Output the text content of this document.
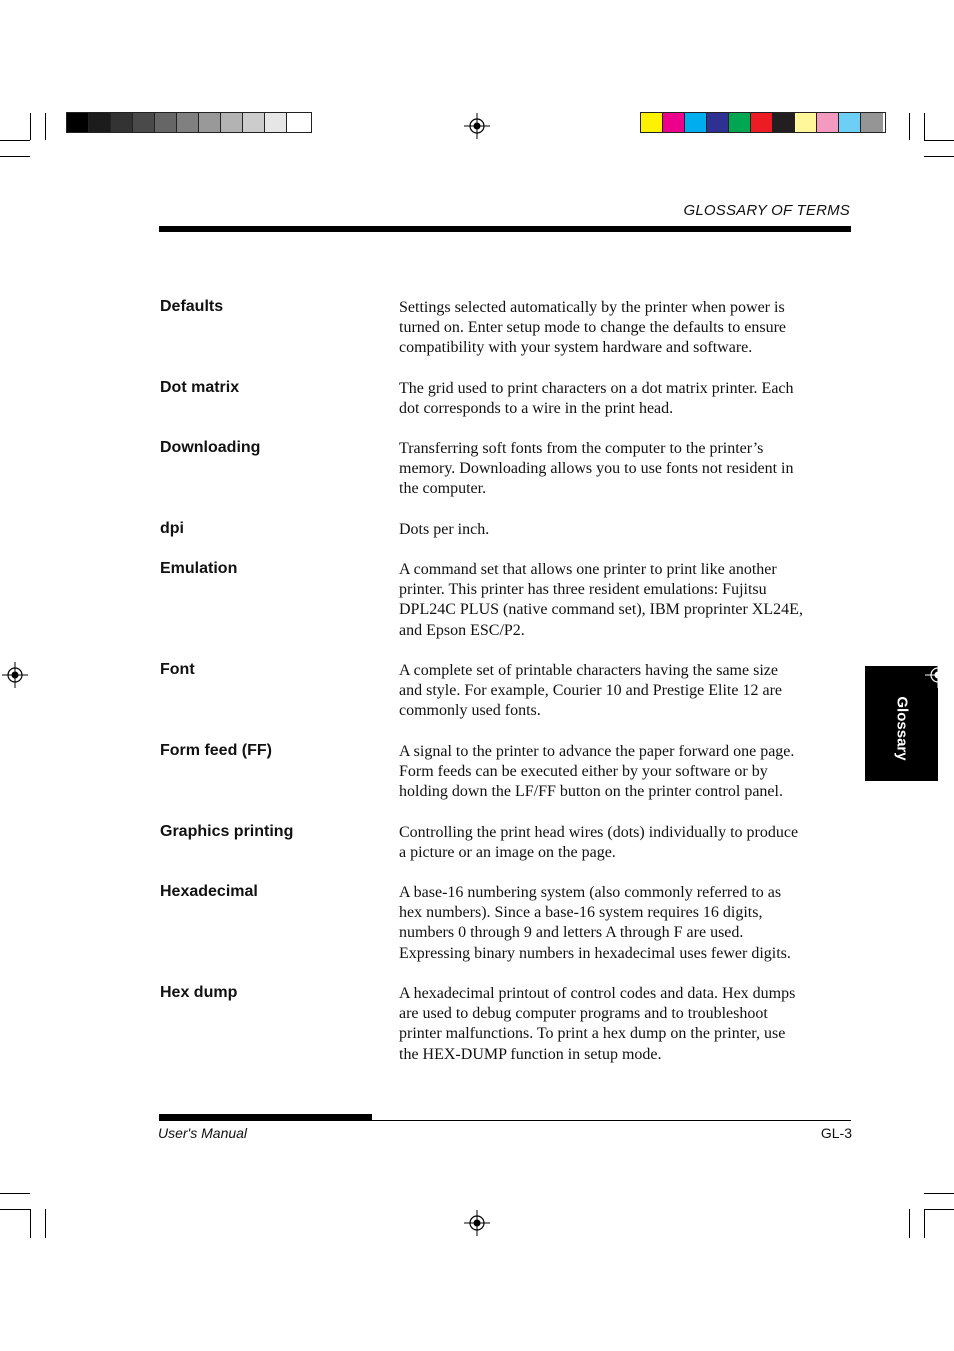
GLOSSARY OF TERMS
Defaults	Settings selected automatically by the printer when power is
turned on. Enter setup mode to change the defaults to ensure
compatibility with your system hardware and software.
Dot matrix	The grid used to print characters on a dot matrix printer. Each
dot corresponds to a wire in the print head.
Downloading	Transferring soft fonts from the computer to the printer’s
memory. Downloading allows you to use fonts not resident in
the computer.
dpi	Dots per inch.
Emulation	A command set that allows one printer to print like another
printer. This printer has three resident emulations: Fujitsu
DPL24C PLUS (native command set), IBM proprinter XL24E,
and Epson ESC/P2.
Font	A complete set of printable characters having the same size
and style. For example, Courier 10 and Prestige Elite 12 are
commonly used fonts.
Form feed (FF)	A signal to the printer to advance the paper forward one page.
Form feeds can be executed either by your software or by
holding down the LF/FF button on the printer control panel.
Graphics printing	Controlling the print head wires (dots) individually to produce
a picture or an image on the page.
Hexadecimal	A base-16 numbering system (also commonly referred to as
hex numbers). Since a base-16 system requires 16 digits,
numbers 0 through 9 and letters A through F are used.
Expressing binary numbers in hexadecimal uses fewer digits.
Hex dump	A hexadecimal printout of control codes and data. Hex dumps
are used to debug computer programs and to troubleshoot
printer malfunctions. To print a hex dump on the printer, use
the HEX-DUMP function in setup mode.
Glossary
User's Manual	GL-3
